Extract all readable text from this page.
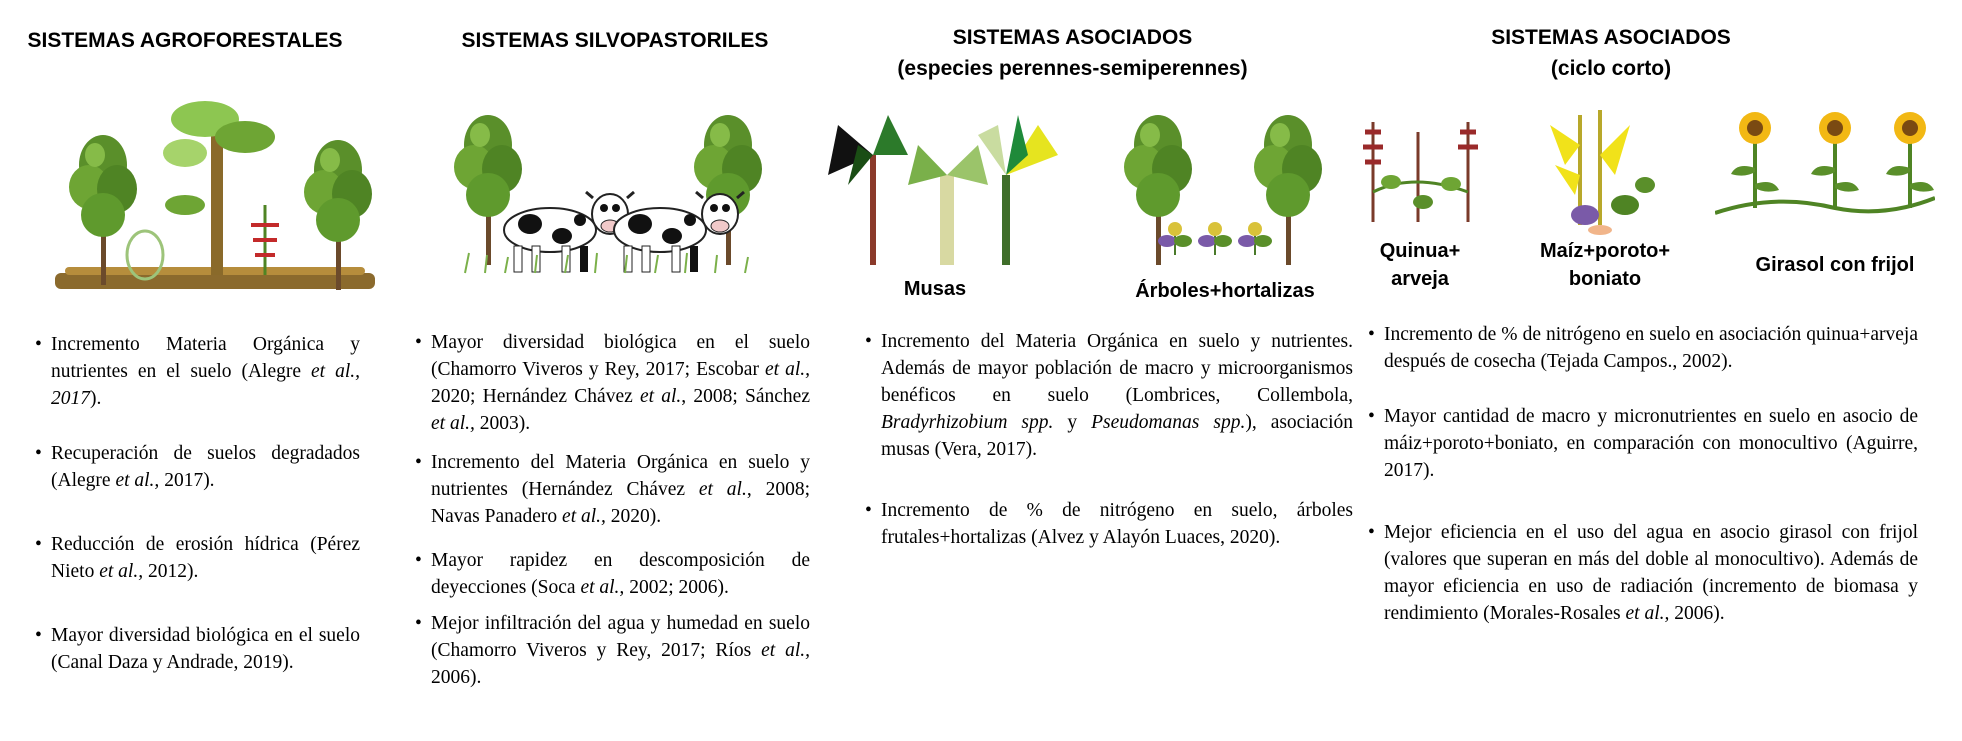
SISTEMAS AGROFORESTALES
• Incremento Materia Orgánica y nutrientes en el suelo (Alegre et al., 2017).
• Recuperación de suelos degradados (Alegre et al., 2017).
• Reducción de erosión hídrica (Pérez Nieto et al., 2012).
• Mayor diversidad biológica en el suelo (Canal Daza y Andrade, 2019).
SISTEMAS SILVOPASTORILES
• Mayor diversidad biológica en el suelo (Chamorro Viveros y Rey, 2017; Escobar et al., 2020; Hernández Chávez et al., 2008; Sánchez et al., 2003).
• Incremento del Materia Orgánica en suelo y nutrientes (Hernández Chávez et al., 2008; Navas Panadero et al., 2020).
• Mayor rapidez en descomposición de deyecciones (Soca et al., 2002; 2006).
• Mejor infiltración del agua y humedad en suelo (Chamorro Viveros y Rey, 2017; Ríos et al., 2006).
SISTEMAS ASOCIADOS
(especies perennes-semiperennes)
Musas	Árboles+hortalizas
• Incremento del Materia Orgánica en suelo y nutrientes. Además de mayor población de macro y microorganismos benéficos en suelo (Lombrices, Collembola, Bradyrhizobium spp. y Pseudomanas spp.), asociación musas (Vera, 2017).
• Incremento de % de nitrógeno en suelo, árboles frutales+hortalizas (Alvez y Alayón Luaces, 2020).
SISTEMAS ASOCIADOS
(ciclo corto)
Quinua+
arveja
Maíz+poroto+
boniato
Girasol con frijol
• Incremento de % de nitrógeno en suelo en asociación quinua+arveja después de cosecha (Tejada Campos., 2002).
• Mayor cantidad de macro y micronutrientes en suelo en asocio de máiz+poroto+boniato, en comparación con monocultivo (Aguirre, 2017).
• Mejor eficiencia en el uso del agua en asocio girasol con frijol (valores que superan en más del doble al monocultivo). Además de mayor eficiencia en uso de radiación (incremento de biomasa y rendimiento (Morales-Rosales et al., 2006).
